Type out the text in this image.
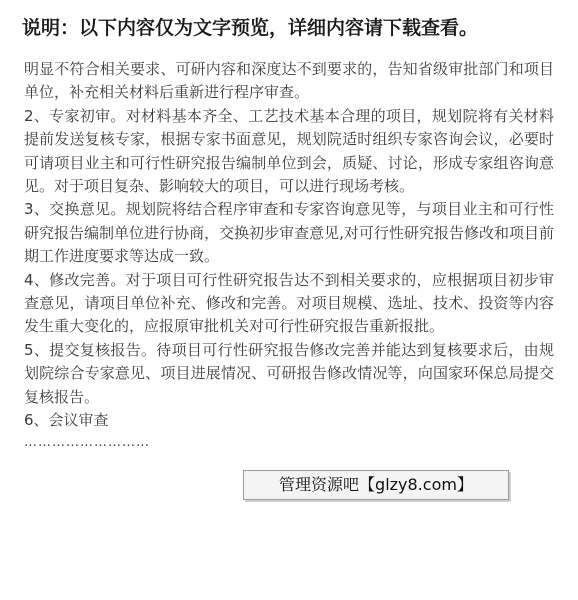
说明：以下内容仅为文字预览，详细内容请下载查看。

明显不符合相关要求、可研内容和深度达不到要求的，告知省级审批部门和项目单位，补充相关材料后重新进行程序审查。

2、专家初审。对材料基本齐全、工艺技术基本合理的项目，规划院将有关材料提前发送复核专家，根据专家书面意见，规划院适时组织专家咨询会议，必要时可请项目业主和可行性研究报告编制单位到会，质疑、讨论，形成专家组咨询意见。对于项目复杂、影响较大的项目，可以进行现场考核。

3、交换意见。规划院将结合程序审查和专家咨询意见等，与项目业主和可行性研究报告编制单位进行协商，交换初步审查意见,对可行性研究报告修改和项目前期工作进度要求等达成一致。

4、修改完善。对于项目可行性研究报告达不到相关要求的，应根据项目初步审查意见，请项目单位补充、修改和完善。对项目规模、选址、技术、投资等内容发生重大变化的，应报原审批机关对可行性研究报告重新报批。

5、提交复核报告。待项目可行性研究报告修改完善并能达到复核要求后，由规划院综合专家意见、项目进展情况、可研报告修改情况等，向国家环保总局提交复核报告。

6、会议审查

………………………

管理资源吧【glzy8.com】
